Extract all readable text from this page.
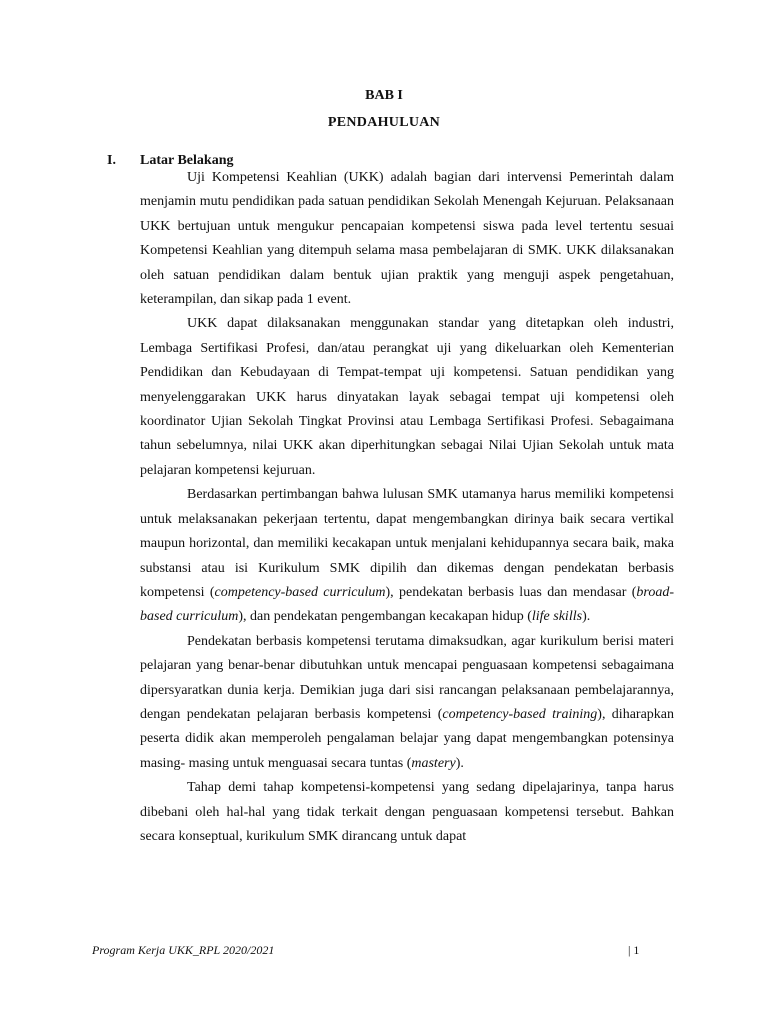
BAB I
PENDAHULUAN
I. Latar Belakang

Uji Kompetensi Keahlian (UKK) adalah bagian dari intervensi Pemerintah dalam menjamin mutu pendidikan pada satuan pendidikan Sekolah Menengah Kejuruan. Pelaksanaan UKK bertujuan untuk mengukur pencapaian kompetensi siswa pada level tertentu sesuai Kompetensi Keahlian yang ditempuh selama masa pembelajaran di SMK. UKK dilaksanakan oleh satuan pendidikan dalam bentuk ujian praktik yang menguji aspek pengetahuan, keterampilan, dan sikap pada 1 event.

UKK dapat dilaksanakan menggunakan standar yang ditetapkan oleh industri, Lembaga Sertifikasi Profesi, dan/atau perangkat uji yang dikeluarkan oleh Kementerian Pendidikan dan Kebudayaan di Tempat-tempat uji kompetensi. Satuan pendidikan yang menyelenggarakan UKK harus dinyatakan layak sebagai tempat uji kompetensi oleh koordinator Ujian Sekolah Tingkat Provinsi atau Lembaga Sertifikasi Profesi. Sebagaimana tahun sebelumnya, nilai UKK akan diperhitungkan sebagai Nilai Ujian Sekolah untuk mata pelajaran kompetensi kejuruan.

Berdasarkan pertimbangan bahwa lulusan SMK utamanya harus memiliki kompetensi untuk melaksanakan pekerjaan tertentu, dapat mengembangkan dirinya baik secara vertikal maupun horizontal, dan memiliki kecakapan untuk menjalani kehidupannya secara baik, maka substansi atau isi Kurikulum SMK dipilih dan dikemas dengan pendekatan berbasis kompetensi (competency-based curriculum), pendekatan berbasis luas dan mendasar (broad-based curriculum), dan pendekatan pengembangan kecakapan hidup (life skills).

Pendekatan berbasis kompetensi terutama dimaksudkan, agar kurikulum berisi materi pelajaran yang benar-benar dibutuhkan untuk mencapai penguasaan kompetensi sebagaimana dipersyaratkan dunia kerja. Demikian juga dari sisi rancangan pelaksanaan pembelajarannya, dengan pendekatan pelajaran berbasis kompetensi (competency-based training), diharapkan peserta didik akan memperoleh pengalaman belajar yang dapat mengembangkan potensinya masing- masing untuk menguasai secara tuntas (mastery).

Tahap demi tahap kompetensi-kompetensi yang sedang dipelajarinya, tanpa harus dibebani oleh hal-hal yang tidak terkait dengan penguasaan kompetensi tersebut. Bahkan secara konseptual, kurikulum SMK dirancang untuk dapat

Program Kerja UKK_RPL 2020/2021	| 1
